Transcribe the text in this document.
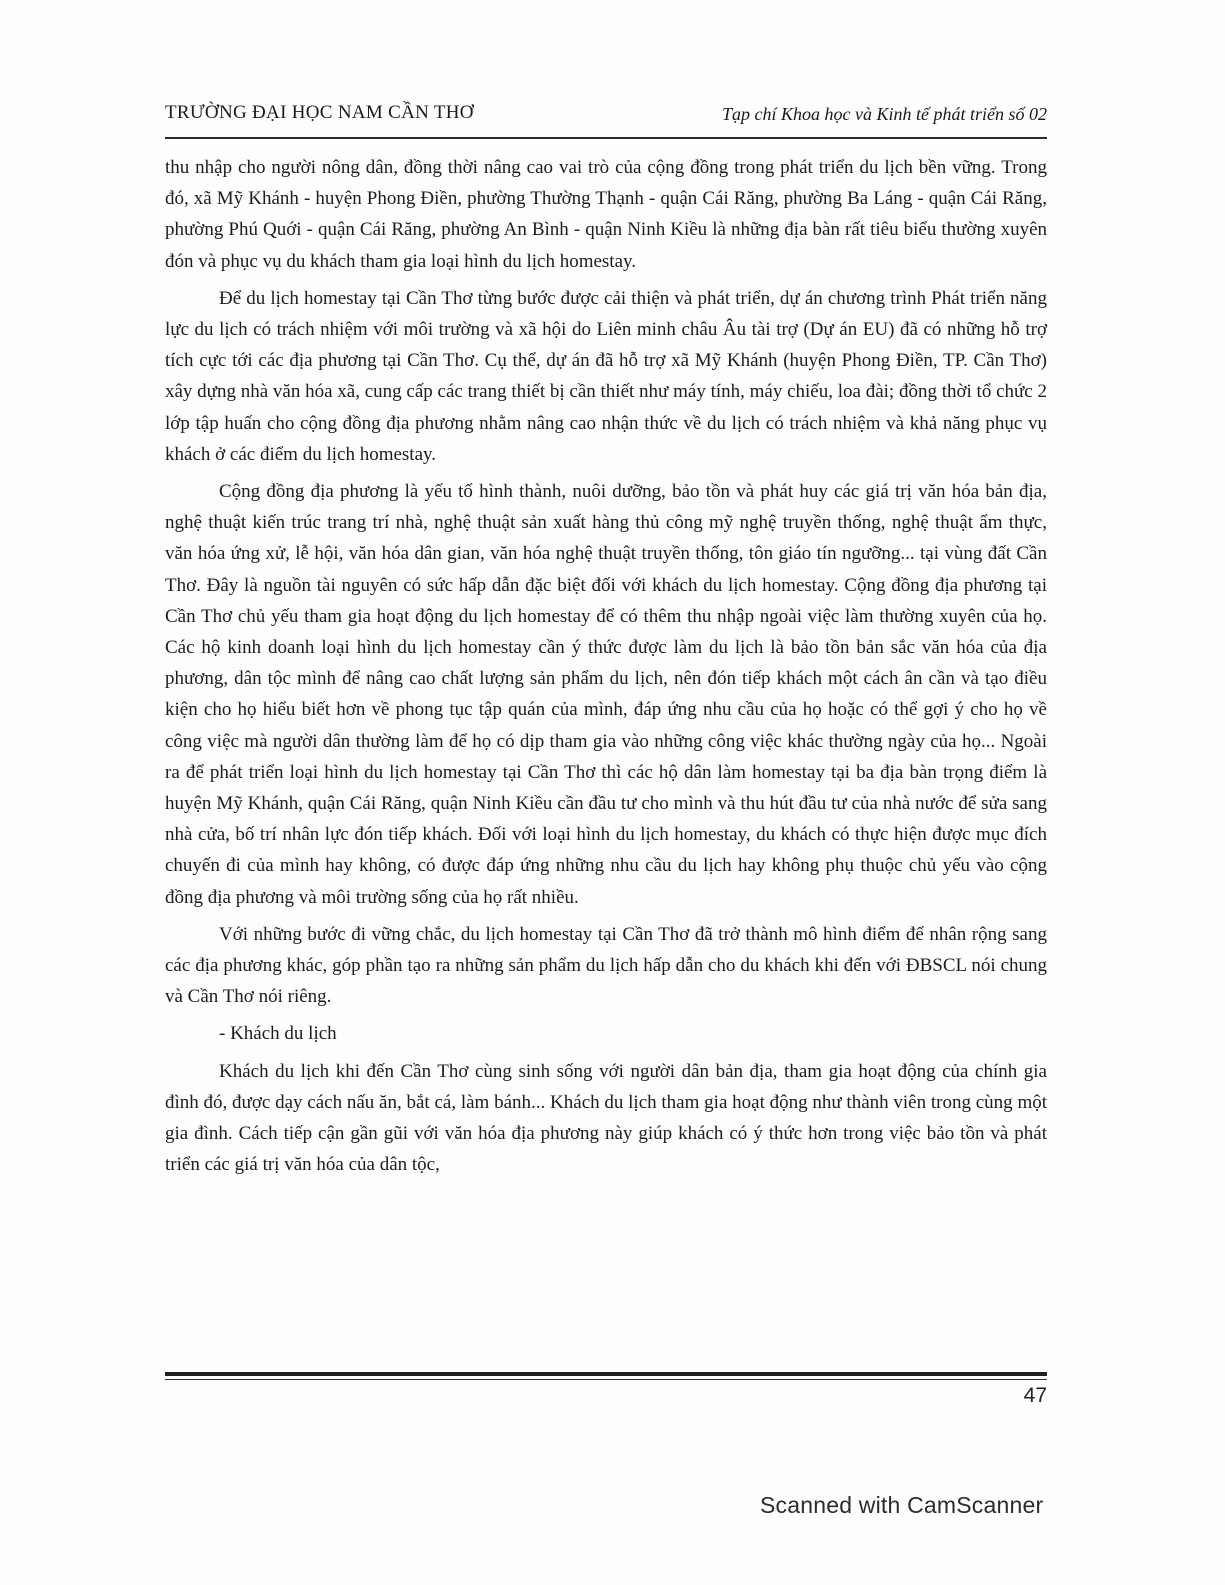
TRƯỜNG ĐẠI HỌC NAM CẦN THƠ	Tạp chí Khoa học và Kinh tế phát triển số 02

thu nhập cho người nông dân, đồng thời nâng cao vai trò của cộng đồng trong phát triển du lịch bền vững. Trong đó, xã Mỹ Khánh - huyện Phong Điền, phường Thường Thạnh - quận Cái Răng, phường Ba Láng - quận Cái Răng, phường Phú Quới - quận Cái Răng, phường An Bình - quận Ninh Kiều là những địa bàn rất tiêu biểu thường xuyên đón và phục vụ du khách tham gia loại hình du lịch homestay.

Để du lịch homestay tại Cần Thơ từng bước được cải thiện và phát triển, dự án chương trình Phát triển năng lực du lịch có trách nhiệm với môi trường và xã hội do Liên minh châu Âu tài trợ (Dự án EU) đã có những hỗ trợ tích cực tới các địa phương tại Cần Thơ. Cụ thể, dự án đã hỗ trợ xã Mỹ Khánh (huyện Phong Điền, TP. Cần Thơ) xây dựng nhà văn hóa xã, cung cấp các trang thiết bị cần thiết như máy tính, máy chiếu, loa đài; đồng thời tổ chức 2 lớp tập huấn cho cộng đồng địa phương nhằm nâng cao nhận thức về du lịch có trách nhiệm và khả năng phục vụ khách ở các điểm du lịch homestay.

Cộng đồng địa phương là yếu tố hình thành, nuôi dưỡng, bảo tồn và phát huy các giá trị văn hóa bản địa, nghệ thuật kiến trúc trang trí nhà, nghệ thuật sản xuất hàng thủ công mỹ nghệ truyền thống, nghệ thuật ẩm thực, văn hóa ứng xử, lễ hội, văn hóa dân gian, văn hóa nghệ thuật truyền thống, tôn giáo tín ngưỡng... tại vùng đất Cần Thơ. Đây là nguồn tài nguyên có sức hấp dẫn đặc biệt đối với khách du lịch homestay. Cộng đồng địa phương tại Cần Thơ chủ yếu tham gia hoạt động du lịch homestay để có thêm thu nhập ngoài việc làm thường xuyên của họ. Các hộ kinh doanh loại hình du lịch homestay cần ý thức được làm du lịch là bảo tồn bản sắc văn hóa của địa phương, dân tộc mình để nâng cao chất lượng sản phẩm du lịch, nên đón tiếp khách một cách ân cần và tạo điều kiện cho họ hiểu biết hơn về phong tục tập quán của mình, đáp ứng nhu cầu của họ hoặc có thể gợi ý cho họ về công việc mà người dân thường làm để họ có dịp tham gia vào những công việc khác thường ngày của họ... Ngoài ra để phát triển loại hình du lịch homestay tại Cần Thơ thì các hộ dân làm homestay tại ba địa bàn trọng điểm là huyện Mỹ Khánh, quận Cái Răng, quận Ninh Kiều cần đầu tư cho mình và thu hút đầu tư của nhà nước để sửa sang nhà cửa, bố trí nhân lực đón tiếp khách. Đối với loại hình du lịch homestay, du khách có thực hiện được mục đích chuyến đi của mình hay không, có được đáp ứng những nhu cầu du lịch hay không phụ thuộc chủ yếu vào cộng đồng địa phương và môi trường sống của họ rất nhiều.

Với những bước đi vững chắc, du lịch homestay tại Cần Thơ đã trở thành mô hình điểm để nhân rộng sang các địa phương khác, góp phần tạo ra những sản phẩm du lịch hấp dẫn cho du khách khi đến với ĐBSCL nói chung và Cần Thơ nói riêng.

- Khách du lịch

Khách du lịch khi đến Cần Thơ cùng sinh sống với người dân bản địa, tham gia hoạt động của chính gia đình đó, được dạy cách nấu ăn, bắt cá, làm bánh... Khách du lịch tham gia hoạt động như thành viên trong cùng một gia đình. Cách tiếp cận gần gũi với văn hóa địa phương này giúp khách có ý thức hơn trong việc bảo tồn và phát triển các giá trị văn hóa của dân tộc,

47
Scanned with CamScanner
